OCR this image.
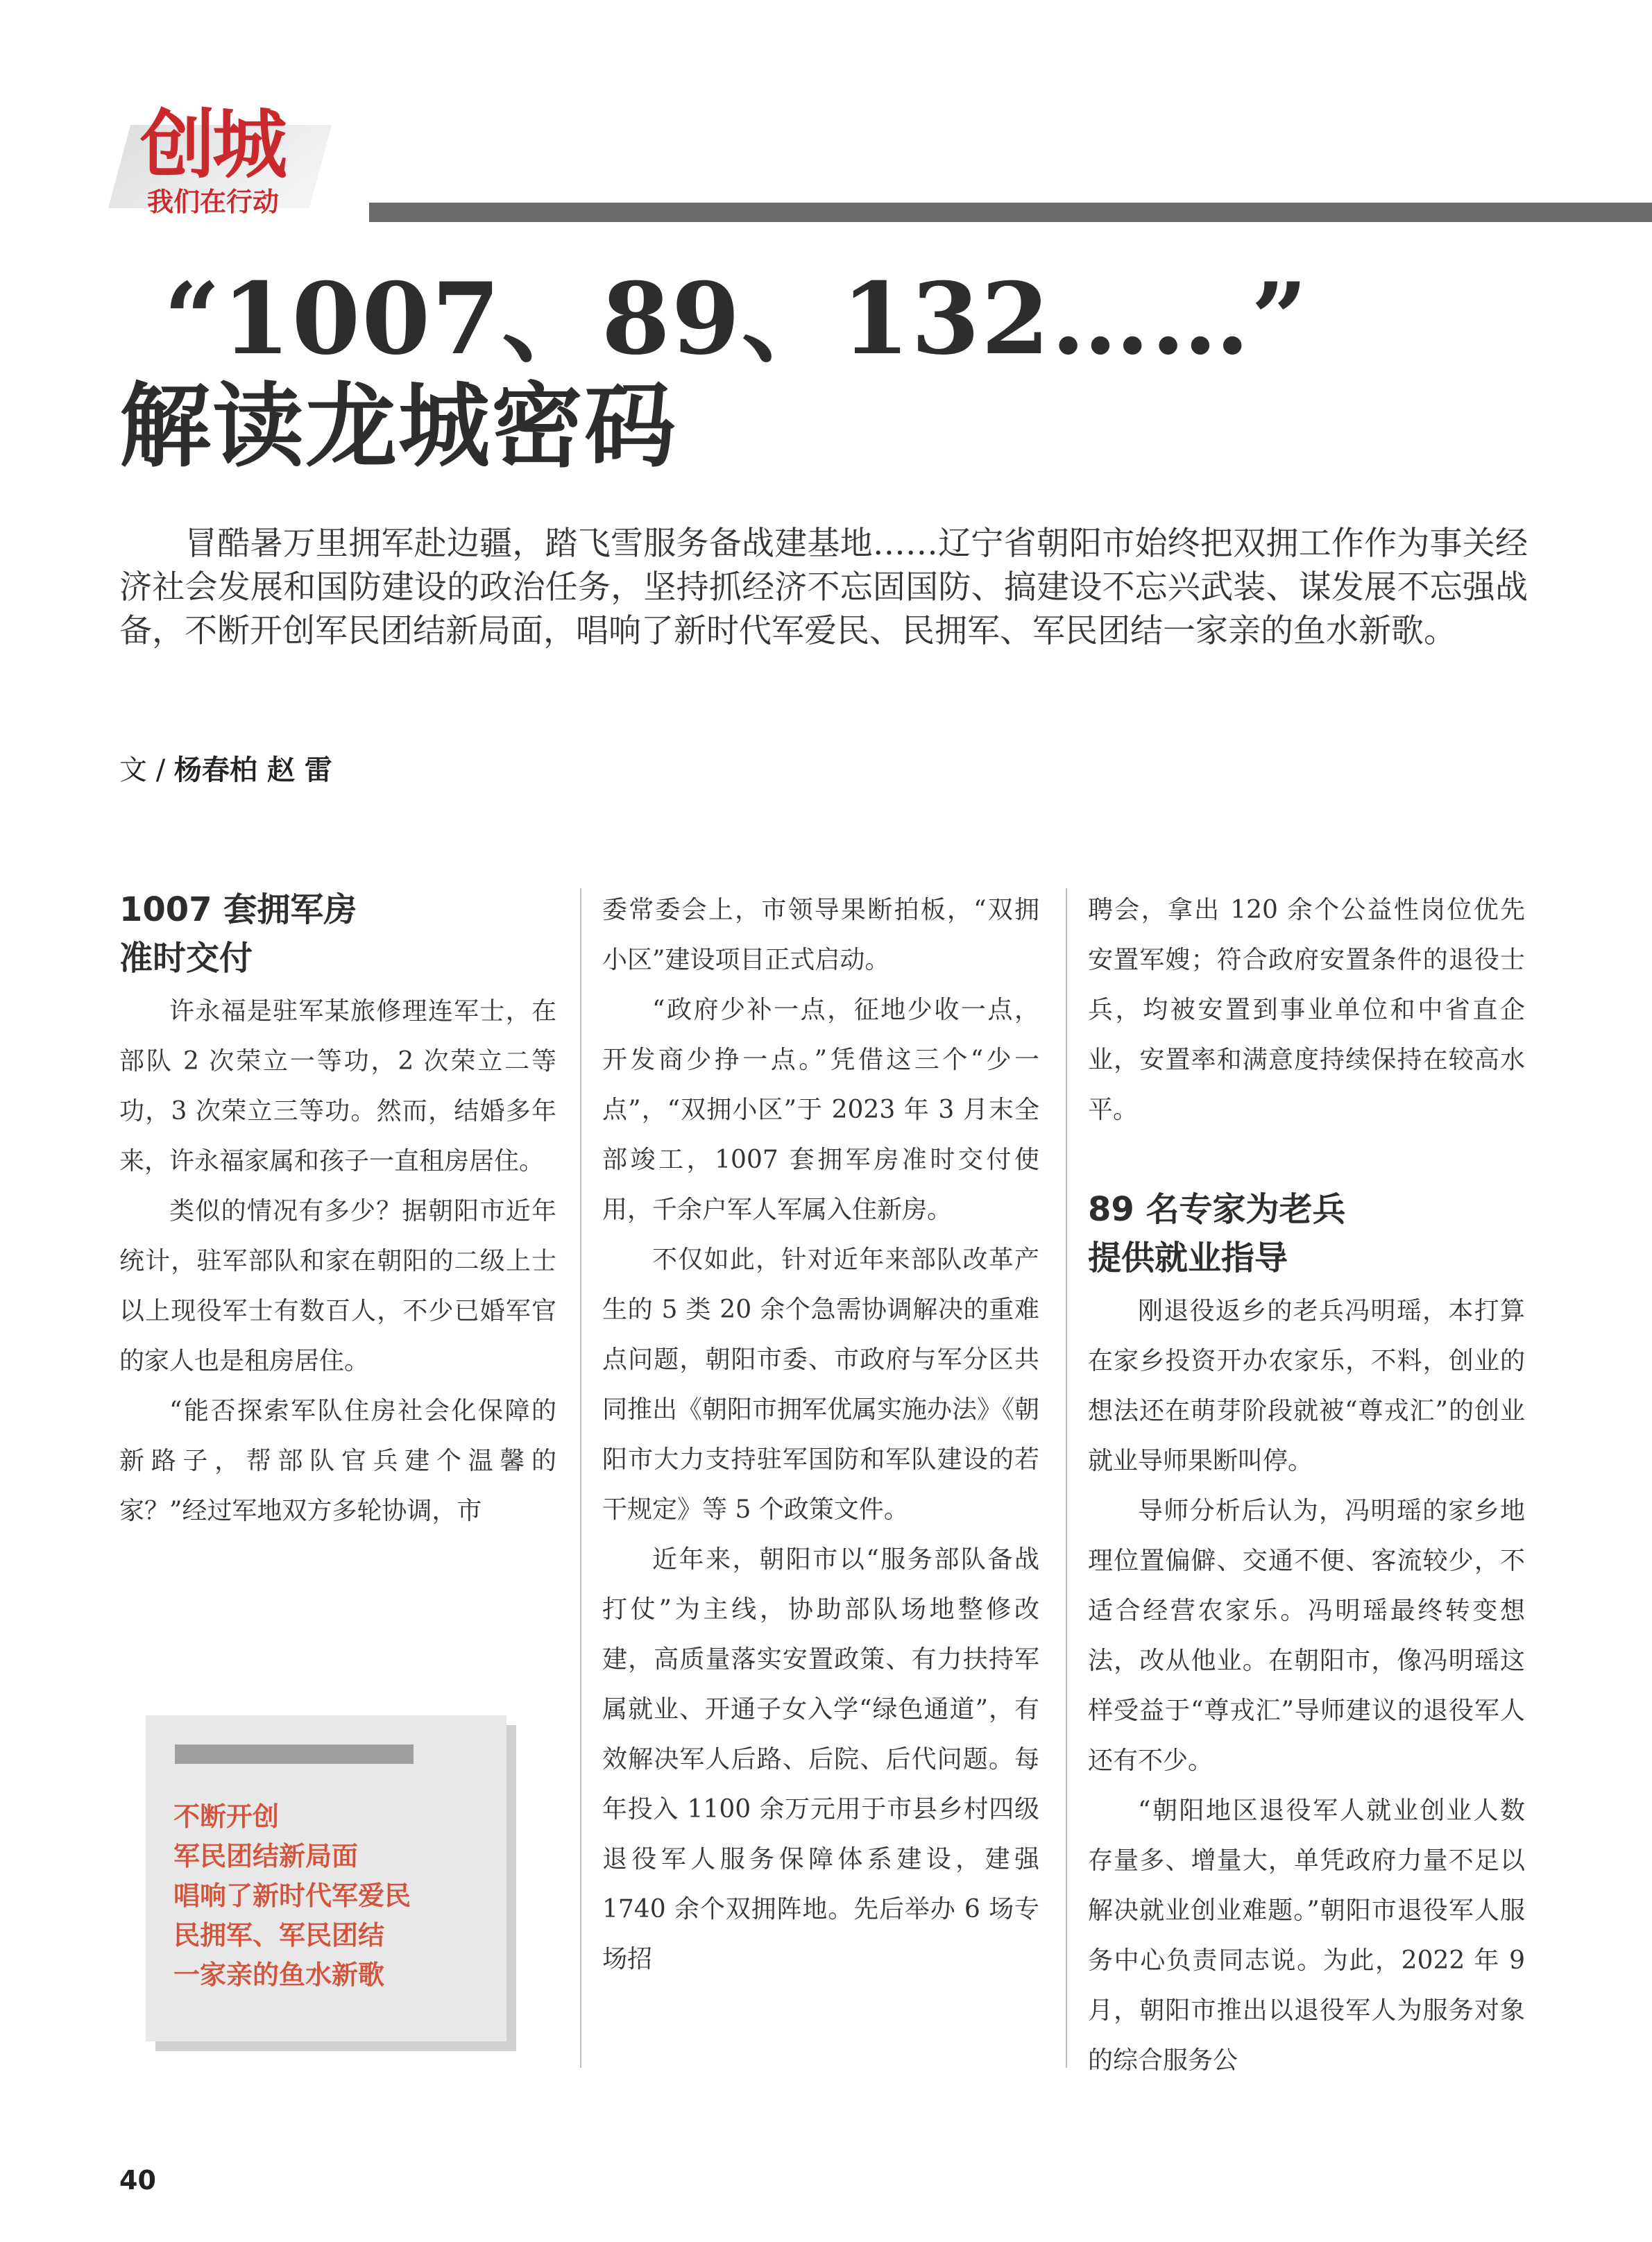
创城
我们在行动
“1007、89、132……”
解读龙城密码

冒酷暑万里拥军赴边疆，踏飞雪服务备战建基地……辽宁省朝阳市始终把双拥工作作为事关经济社会发展和国防建设的政治任务，坚持抓经济不忘固国防、搞建设不忘兴武装、谋发展不忘强战备，不断开创军民团结新局面，唱响了新时代军爱民、民拥军、军民团结一家亲的鱼水新歌。

文 / 杨春柏 赵 雷
1007 套拥军房
准时交付

许永福是驻军某旅修理连军士，在部队 2 次荣立一等功，2 次荣立二等功，3 次荣立三等功。然而，结婚多年来，许永福家属和孩子一直租房居住。

类似的情况有多少？据朝阳市近年统计，驻军部队和家在朝阳的二级上士以上现役军士有数百人，不少已婚军官的家人也是租房居住。

“能否探索军队住房社会化保障的新路子，帮部队官兵建个温馨的家？”经过军地双方多轮协调，市

不断开创
军民团结新局面
唱响了新时代军爱民
民拥军、军民团结
一家亲的鱼水新歌

委常委会上，市领导果断拍板，“双拥小区”建设项目正式启动。

“政府少补一点，征地少收一点，开发商少挣一点。”凭借这三个“少一点”，“双拥小区”于 2023 年 3 月末全部竣工，1007 套拥军房准时交付使用，千余户军人军属入住新房。

不仅如此，针对近年来部队改革产生的 5 类 20 余个急需协调解决的重难点问题，朝阳市委、市政府与军分区共同推出《朝阳市拥军优属实施办法》《朝阳市大力支持驻军国防和军队建设的若干规定》等 5 个政策文件。

近年来，朝阳市以“服务部队备战打仗”为主线，协助部队场地整修改建，高质量落实安置政策、有力扶持军属就业、开通子女入学“绿色通道”，有效解决军人后路、后院、后代问题。每年投入 1100 余万元用于市县乡村四级退役军人服务保障体系建设，建强 1740 余个双拥阵地。先后举办 6 场专场招

聘会，拿出 120 余个公益性岗位优先安置军嫂；符合政府安置条件的退役士兵，均被安置到事业单位和中省直企业，安置率和满意度持续保持在较高水平。

89 名专家为老兵
提供就业指导

刚退役返乡的老兵冯明瑶，本打算在家乡投资开办农家乐，不料，创业的想法还在萌芽阶段就被“尊戎汇”的创业就业导师果断叫停。

导师分析后认为，冯明瑶的家乡地理位置偏僻、交通不便、客流较少，不适合经营农家乐。冯明瑶最终转变想法，改从他业。在朝阳市，像冯明瑶这样受益于“尊戎汇”导师建议的退役军人还有不少。

“朝阳地区退役军人就业创业人数存量多、增量大，单凭政府力量不足以解决就业创业难题。”朝阳市退役军人服务中心负责同志说。为此，2022 年 9 月，朝阳市推出以退役军人为服务对象的综合服务公

40
